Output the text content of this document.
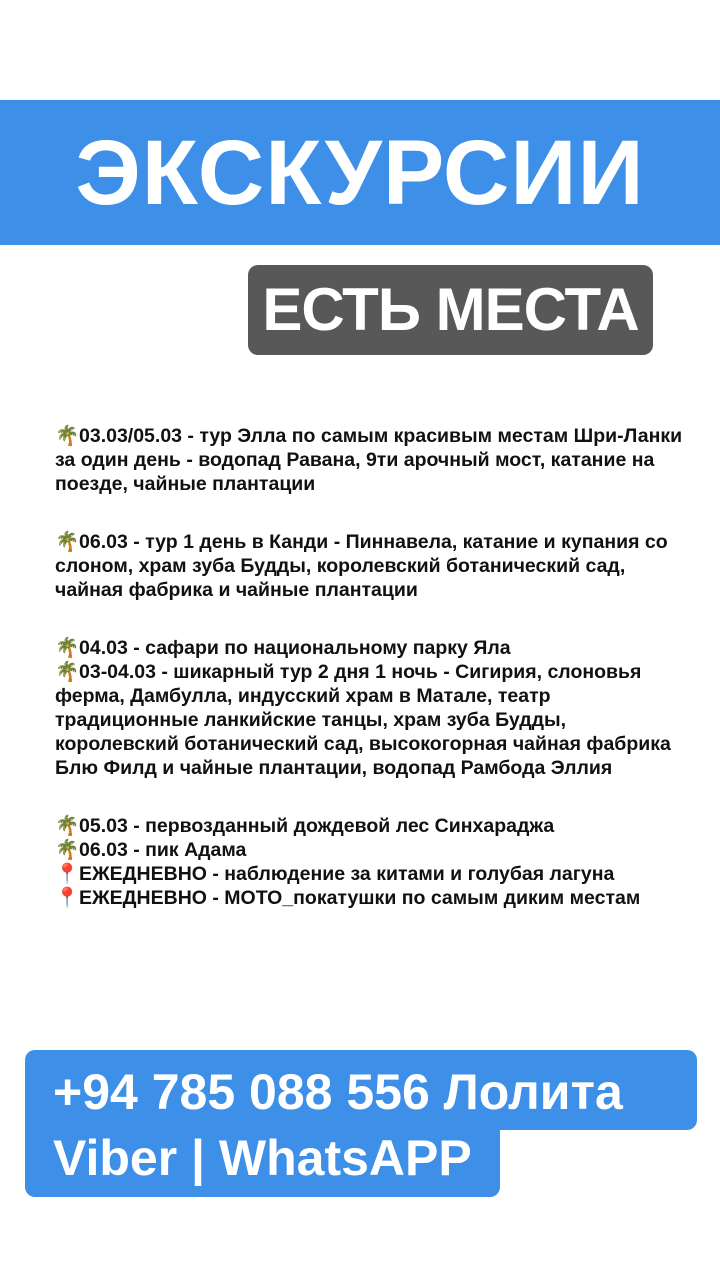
ЭКСКУРСИИ
ЕСТЬ МЕСТА

🌴03.03/05.03 - тур Элла по самым красивым местам Шри-Ланки за один день - водопад Равана, 9ти арочный мост, катание на поезде, чайные плантации

🌴06.03 - тур 1 день в Канди - Пиннавела, катание и купания со слоном, храм зуба Будды, королевский ботанический сад, чайная фабрика и чайные плантации

🌴04.03 - сафари по национальному парку Яла

🌴03-04.03 - шикарный тур 2 дня 1 ночь - Сигирия, слоновья ферма, Дамбулла, индусский храм в Матале, театр традиционные ланкийские танцы, храм зуба Будды, королевский ботанический сад, высокогорная чайная фабрика Блю Филд и чайные плантации, водопад Рамбода Эллия

🌴05.03 - первозданный дождевой лес Синхараджа

🌴06.03 - пик Адама

📍ЕЖЕДНЕВНО - наблюдение за китами и голубая лагуна

📍ЕЖЕДНЕВНО - МОТО_покатушки по самым диким местам

+94 785 088 556 Лолита
Viber | WhatsAPP
